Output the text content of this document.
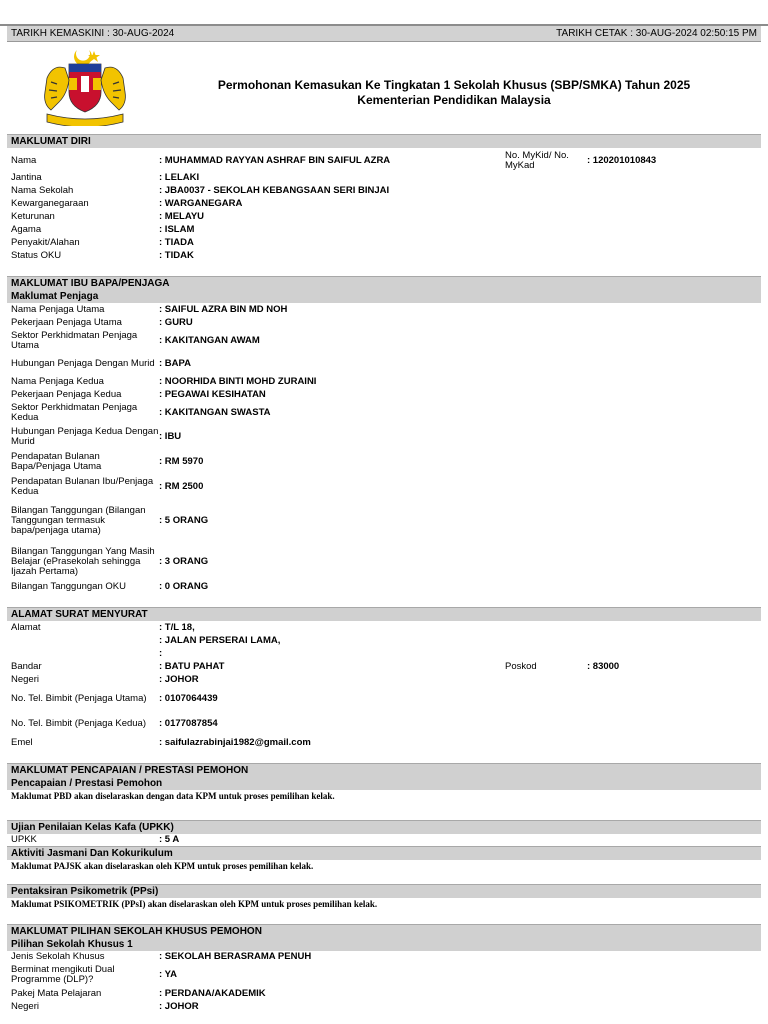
TARIKH KEMASKINI : 30-AUG-2024	TARIKH CETAK : 30-AUG-2024 02:50:15 PM
Permohonan Kemasukan Ke Tingkatan 1 Sekolah Khusus (SBP/SMKA) Tahun 2025
Kementerian Pendidikan Malaysia
MAKLUMAT DIRI
Nama	: MUHAMMAD RAYYAN ASHRAF BIN SAIFUL AZRA	No. MyKid/ No. MyKad	: 120201010843
Jantina	: LELAKI
Nama Sekolah	: JBA0037 - SEKOLAH KEBANGSAAN SERI BINJAI
Kewarganegaraan	: WARGANEGARA
Keturunan	: MELAYU
Agama	: ISLAM
Penyakit/Alahan	: TIADA
Status OKU	: TIDAK
MAKLUMAT IBU BAPA/PENJAGA
Maklumat Penjaga
Nama Penjaga Utama	: SAIFUL AZRA BIN MD NOH
Pekerjaan Penjaga Utama	: GURU
Sektor Perkhidmatan Penjaga Utama	: KAKITANGAN AWAM
Hubungan Penjaga Dengan Murid : BAPA
Nama Penjaga Kedua	: NOORHIDA BINTI MOHD ZURAINI
Pekerjaan Penjaga Kedua	: PEGAWAI KESIHATAN
Sektor Perkhidmatan Penjaga Kedua	: KAKITANGAN SWASTA
Hubungan Penjaga Kedua Dengan Murid	: IBU
Pendapatan Bulanan Bapa/Penjaga Utama	: RM 5970
Pendapatan Bulanan Ibu/Penjaga Kedua	: RM 2500
Bilangan Tanggungan (Bilangan Tanggungan termasuk bapa/penjaga utama)
: 5 ORANG
Bilangan Tanggungan Yang Masih Belajar (ePrasekolah sehingga Ijazah Pertama)
: 3 ORANG
Bilangan Tanggungan OKU	: 0 ORANG
ALAMAT SURAT MENYURAT
Alamat	: T/L 18,
: JALAN PERSERAI LAMA,
:
Bandar	: BATU PAHAT	Poskod	: 83000
Negeri	: JOHOR
No. Tel. Bimbit (Penjaga Utama)	: 0107064439
No. Tel. Bimbit (Penjaga Kedua)	: 0177087854
Emel	: saifulazrabinjai1982@gmail.com
MAKLUMAT PENCAPAIAN / PRESTASI PEMOHON
Pencapaian / Prestasi Pemohon
Maklumat PBD akan diselaraskan dengan data KPM untuk proses pemilihan kelak.
Ujian Penilaian Kelas Kafa (UPKK)
UPKK	: 5 A
Aktiviti Jasmani Dan Kokurikulum
Maklumat PAJSK akan diselaraskan oleh KPM untuk proses pemilihan kelak.
Pentaksiran Psikometrik (PPsi)
Maklumat PSIKOMETRIK (PPsI) akan diselaraskan oleh KPM untuk proses pemilihan kelak.
MAKLUMAT PILIHAN SEKOLAH KHUSUS PEMOHON
Pilihan Sekolah Khusus 1
Jenis Sekolah Khusus	: SEKOLAH BERASRAMA PENUH
Berminat mengikuti Dual Programme (DLP)?	: YA
Pakej Mata Pelajaran	: PERDANA/AKADEMIK
Negeri	: JOHOR
